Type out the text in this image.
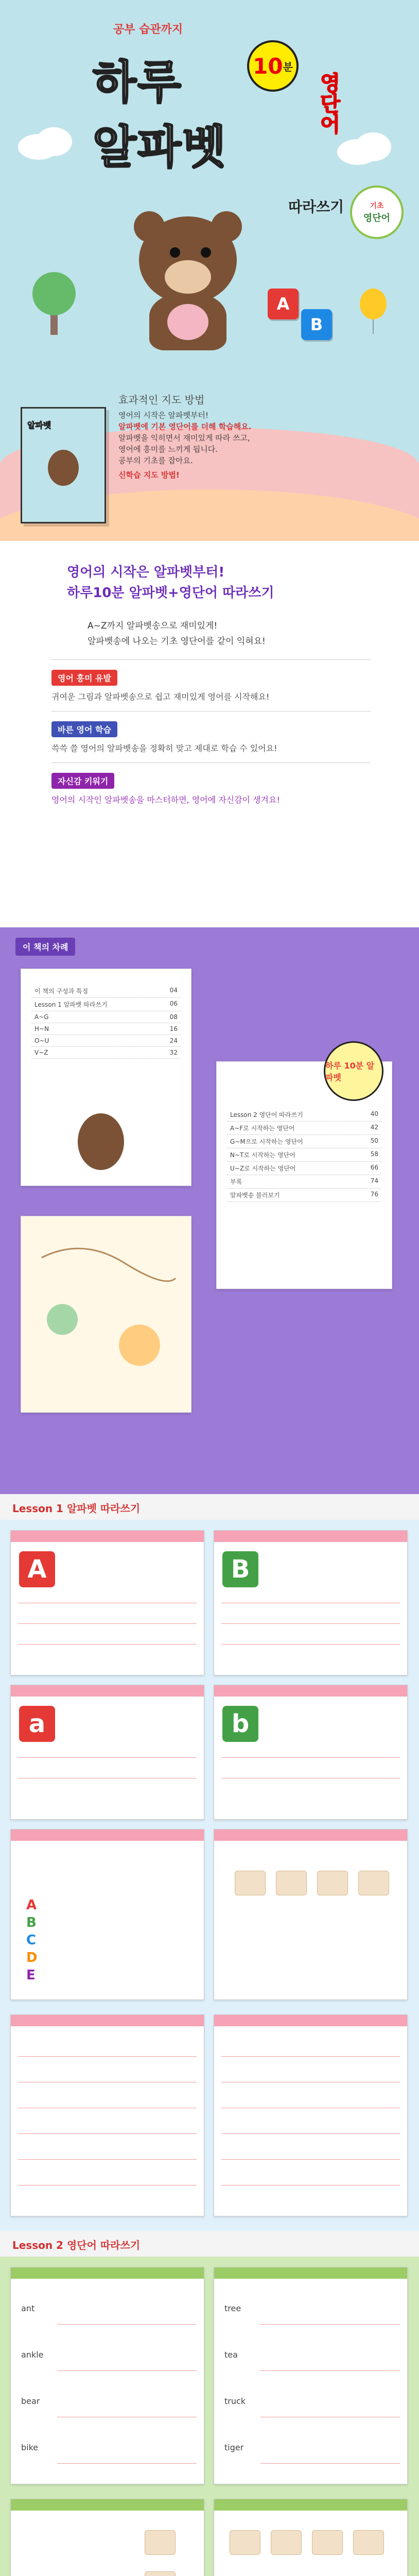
공부 습관까지
하루
알파벳
10 분
영단어
따라쓰기	기초
영단어
A
B
알파벳
효과적인 지도 방법
영어의 시작은 알파벳부터!
알파벳에 기본 영단어를 더해 학습해요.
알파벳을 익히면서 재미있게 따라 쓰고,
영어에 흥미를 느끼게 됩니다.
공부의 기초를 잡아요.
신학습 지도 방법!
영어의 시작은 알파벳부터!
하루10분 알파벳+영단어 따라쓰기
A~Z까지 알파벳송으로 재미있게!
알파벳송에 나오는 기초 영단어를 같이 익혀요!
영어 흥미 유발
귀여운 그림과 알파벳송으로 쉽고 재미있게 영어를 시작해요!
바른 영어 학습
쓱쓱 쓸 영어의 알파벳송을 정확히 맞고 제대로 학습 수 있어요!
자신감 키워기
영어의 시작인 알파벳송을 마스터하면, 영어에 자신감이 생겨요!
이 책의 차례
이 책의 구성과 특징	04
Lesson 1 알파벳 따라쓰기	06
A~G	08
H~N	16
O~U	24
V~Z	32
하루 10분 알파벳
Lesson 2 영단어 따라쓰기	40
A~F로 시작하는 영단어	42
G~M으로 시작하는 영단어	50
N~T로 시작하는 영단어	58
U~Z로 시작하는 영단어	66
부록	74
알파벳송 불러보기	76
Lesson 1 알파벳 따라쓰기
A	B
a	b
A
B
C
D
E
Lesson 2 영단어 따라쓰기
ant
ankle
bear
bike
tree
tea
truck
tiger
